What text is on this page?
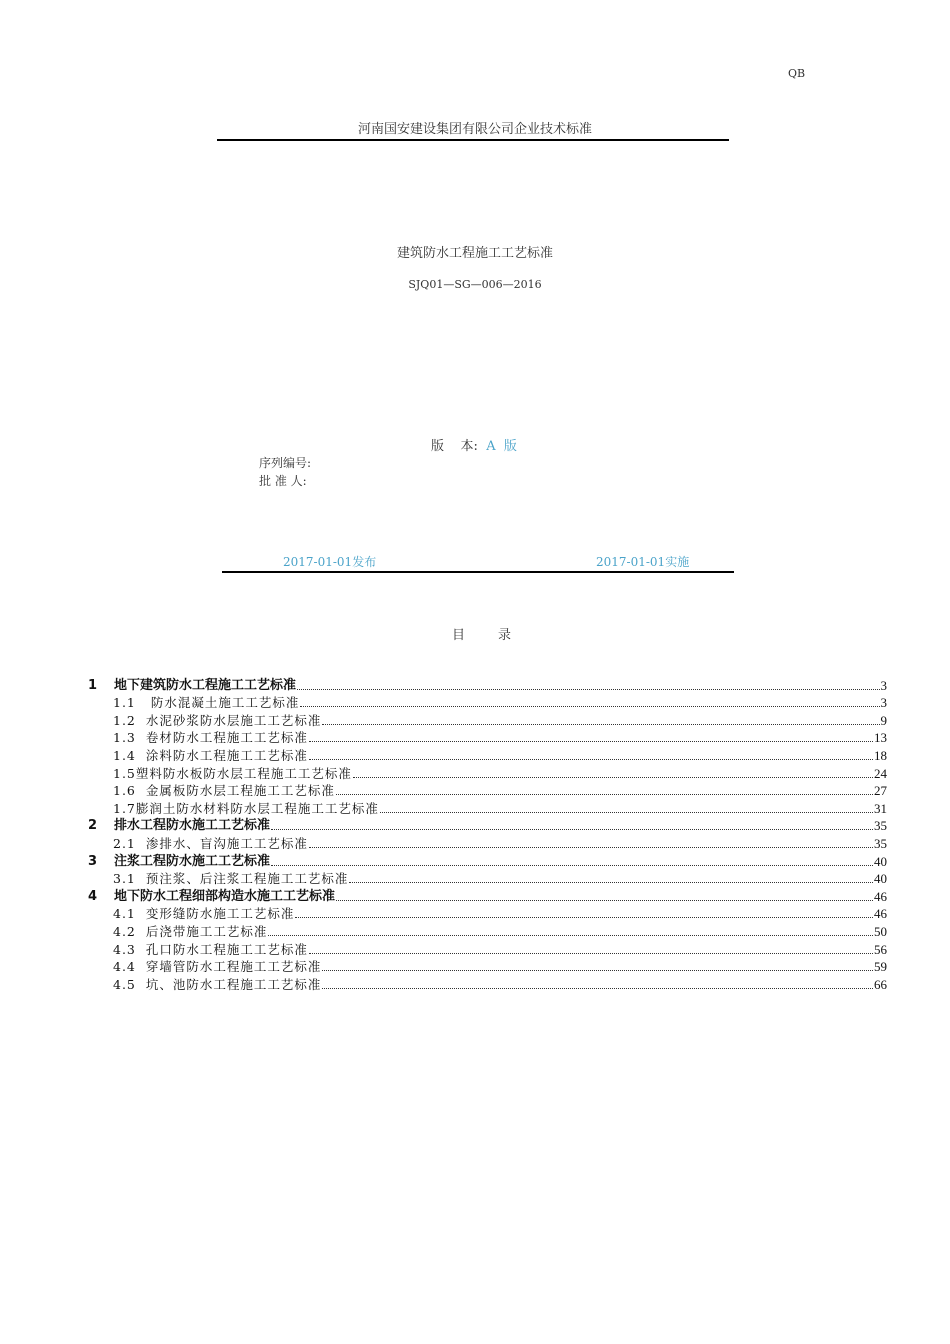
QB
河南国安建设集团有限公司企业技术标准
建筑防水工程施工工艺标准
SJQ01—SG—006—2016
版    本: A  版
序列编号:
批 准 人:
2017-01-01发布	2017-01-01实施
目        录
1	地下建筑防水工程施工工艺标准	3
1.1 防水混凝土施工工艺标准	3
1.2 水泥砂浆防水层施工工艺标准	9
1.3 卷材防水工程施工工艺标准	13
1.4 涂料防水工程施工工艺标准	18
1.5 塑料防水板防水层工程施工工艺标准	24
1.6 金属板防水层工程施工工艺标准	27
1.7 膨润土防水材料防水层工程施工工艺标准	31
2	排水工程防水施工工艺标准	35
2.1 渗排水、盲沟施工工艺标准	35
3	注浆工程防水施工工艺标准	40
3.1 预注浆、后注浆工程施工工艺标准	40
4	地下防水工程细部构造水施工工艺标准	46
4.1 变形缝防水施工工艺标准	46
4.2 后浇带施工工艺标准	50
4.3 孔口防水工程施工工艺标准	56
4.4 穿墙管防水工程施工工艺标准	59
4.5 坑、池防水工程施工工艺标准	66
